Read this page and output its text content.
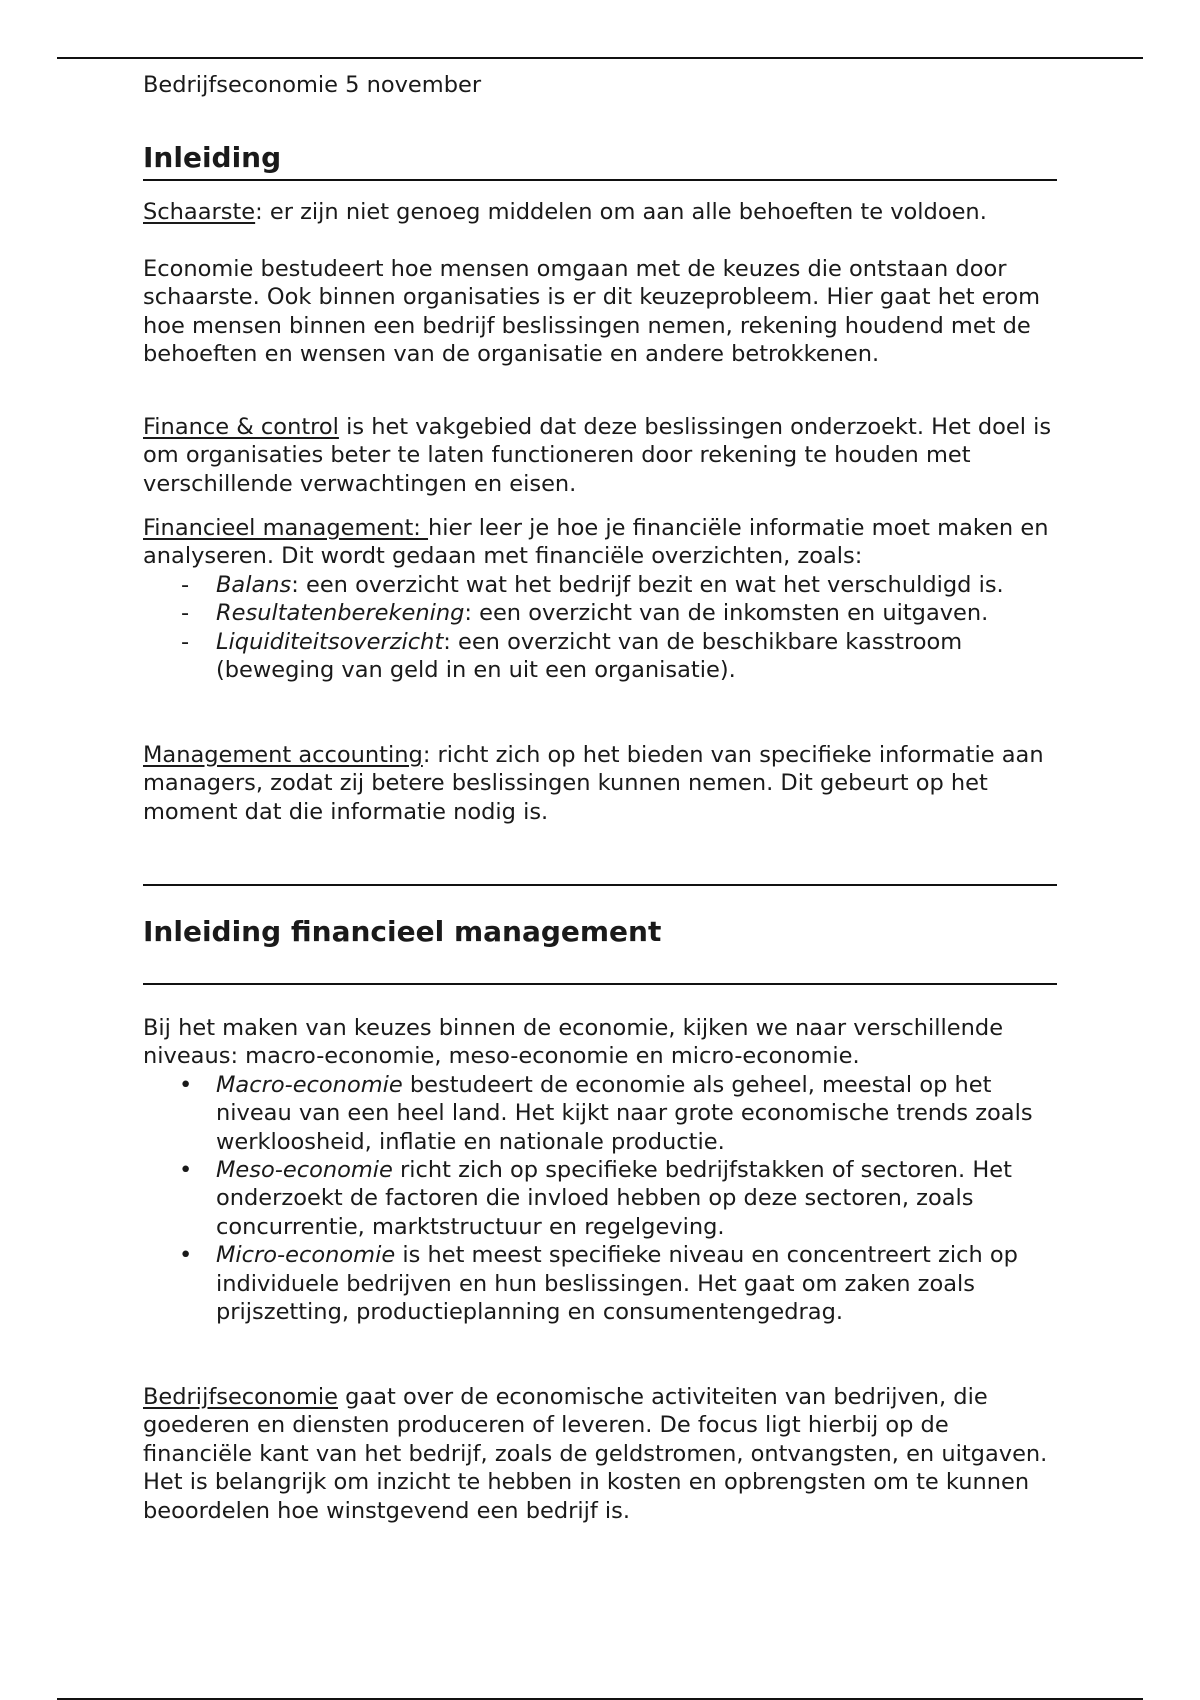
Bedrijfseconomie 5 november

Inleiding

Schaarste: er zijn niet genoeg middelen om aan alle behoeften te voldoen.

Economie bestudeert hoe mensen omgaan met de keuzes die ontstaan door schaarste. Ook binnen organisaties is er dit keuzeprobleem. Hier gaat het erom hoe mensen binnen een bedrijf beslissingen nemen, rekening houdend met de behoeften en wensen van de organisatie en andere betrokkenen.

Finance & control is het vakgebied dat deze beslissingen onderzoekt. Het doel is om organisaties beter te laten functioneren door rekening te houden met verschillende verwachtingen en eisen.

Financieel management: hier leer je hoe je financiële informatie moet maken en analyseren. Dit wordt gedaan met financiële overzichten, zoals:

- Balans: een overzicht wat het bedrijf bezit en wat het verschuldigd is.
- Resultatenberekening: een overzicht van de inkomsten en uitgaven.
- Liquiditeitsoverzicht: een overzicht van de beschikbare kasstroom (beweging van geld in en uit een organisatie).

Management accounting: richt zich op het bieden van specifieke informatie aan managers, zodat zij betere beslissingen kunnen nemen. Dit gebeurt op het moment dat die informatie nodig is.

Inleiding financieel management

Bij het maken van keuzes binnen de economie, kijken we naar verschillende niveaus: macro-economie, meso-economie en micro-economie.

• Macro-economie bestudeert de economie als geheel, meestal op het niveau van een heel land. Het kijkt naar grote economische trends zoals werkloosheid, inflatie en nationale productie.
• Meso-economie richt zich op specifieke bedrijfstakken of sectoren. Het onderzoekt de factoren die invloed hebben op deze sectoren, zoals concurrentie, marktstructuur en regelgeving.
• Micro-economie is het meest specifieke niveau en concentreert zich op individuele bedrijven en hun beslissingen. Het gaat om zaken zoals prijszetting, productieplanning en consumentengedrag.

Bedrijfseconomie gaat over de economische activiteiten van bedrijven, die goederen en diensten produceren of leveren. De focus ligt hierbij op de financiële kant van het bedrijf, zoals de geldstromen, ontvangsten, en uitgaven. Het is belangrijk om inzicht te hebben in kosten en opbrengsten om te kunnen beoordelen hoe winstgevend een bedrijf is.
